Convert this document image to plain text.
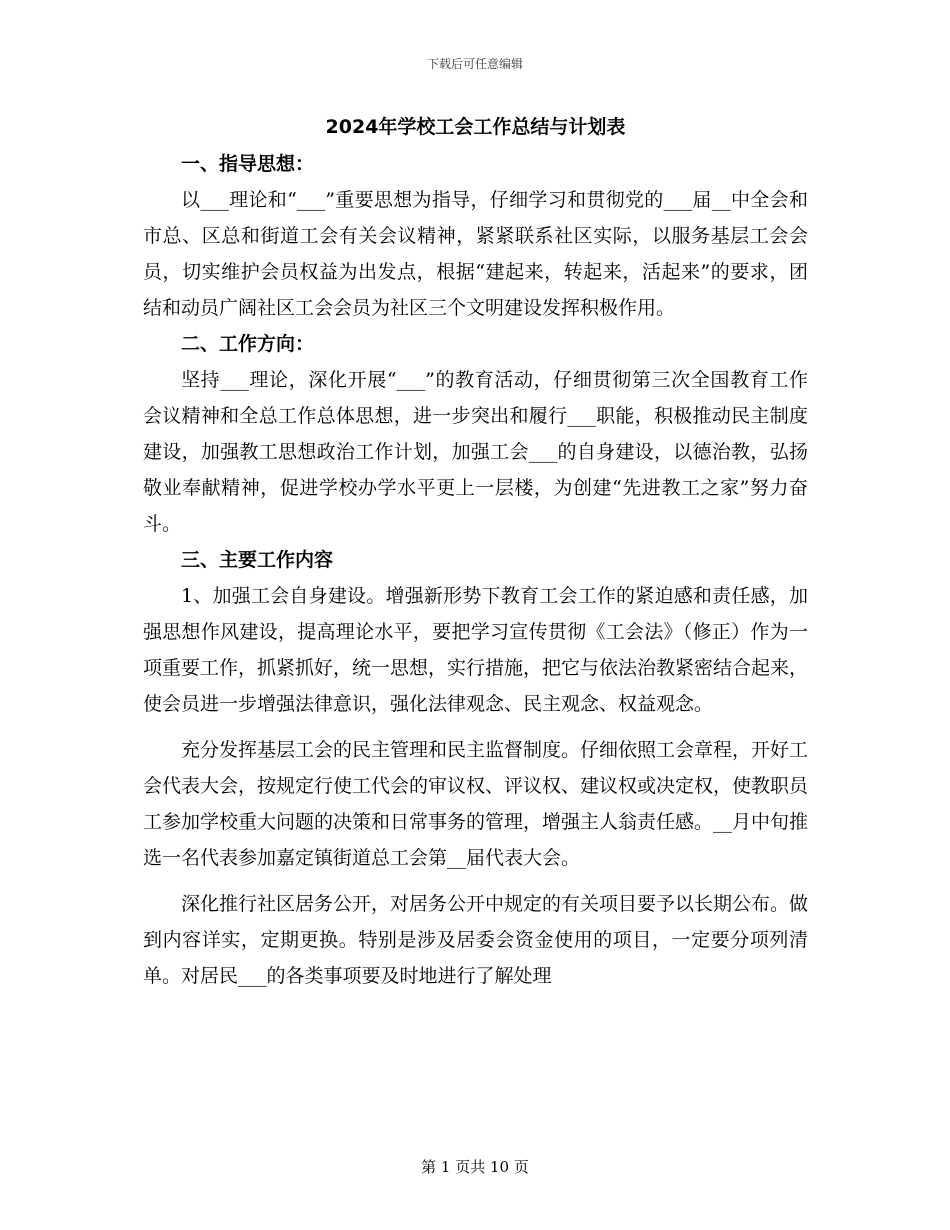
下载后可任意编辑
2024年学校工会工作总结与计划表

一、指导思想：

以___理论和“___”重要思想为指导，仔细学习和贯彻党的___届__中全会和市总、区总和街道工会有关会议精神，紧紧联系社区实际，以服务基层工会会员，切实维护会员权益为出发点，根据“建起来，转起来，活起来”的要求，团结和动员广阔社区工会会员为社区三个文明建设发挥积极作用。

二、工作方向：

坚持___理论，深化开展“___”的教育活动，仔细贯彻第三次全国教育工作会议精神和全总工作总体思想，进一步突出和履行___职能，积极推动民主制度建设，加强教工思想政治工作计划，加强工会___的自身建设，以德治教，弘扬敬业奉献精神，促进学校办学水平更上一层楼，为创建“先进教工之家”努力奋斗。

三、主要工作内容

1、加强工会自身建设。增强新形势下教育工会工作的紧迫感和责任感，加强思想作风建设，提高理论水平，要把学习宣传贯彻《工会法》（修正）作为一项重要工作，抓紧抓好，统一思想，实行措施，把它与依法治教紧密结合起来，使会员进一步增强法律意识，强化法律观念、民主观念、权益观念。

充分发挥基层工会的民主管理和民主监督制度。仔细依照工会章程，开好工会代表大会，按规定行使工代会的审议权、评议权、建议权或决定权，使教职员工参加学校重大问题的决策和日常事务的管理，增强主人翁责任感。__月中旬推选一名代表参加嘉定镇街道总工会第__届代表大会。

深化推行社区居务公开，对居务公开中规定的有关项目要予以长期公布。做到内容详实，定期更换。特别是涉及居委会资金使用的项目，一定要分项列清单。对居民___的各类事项要及时地进行了解处理

第 1 页共 10 页
